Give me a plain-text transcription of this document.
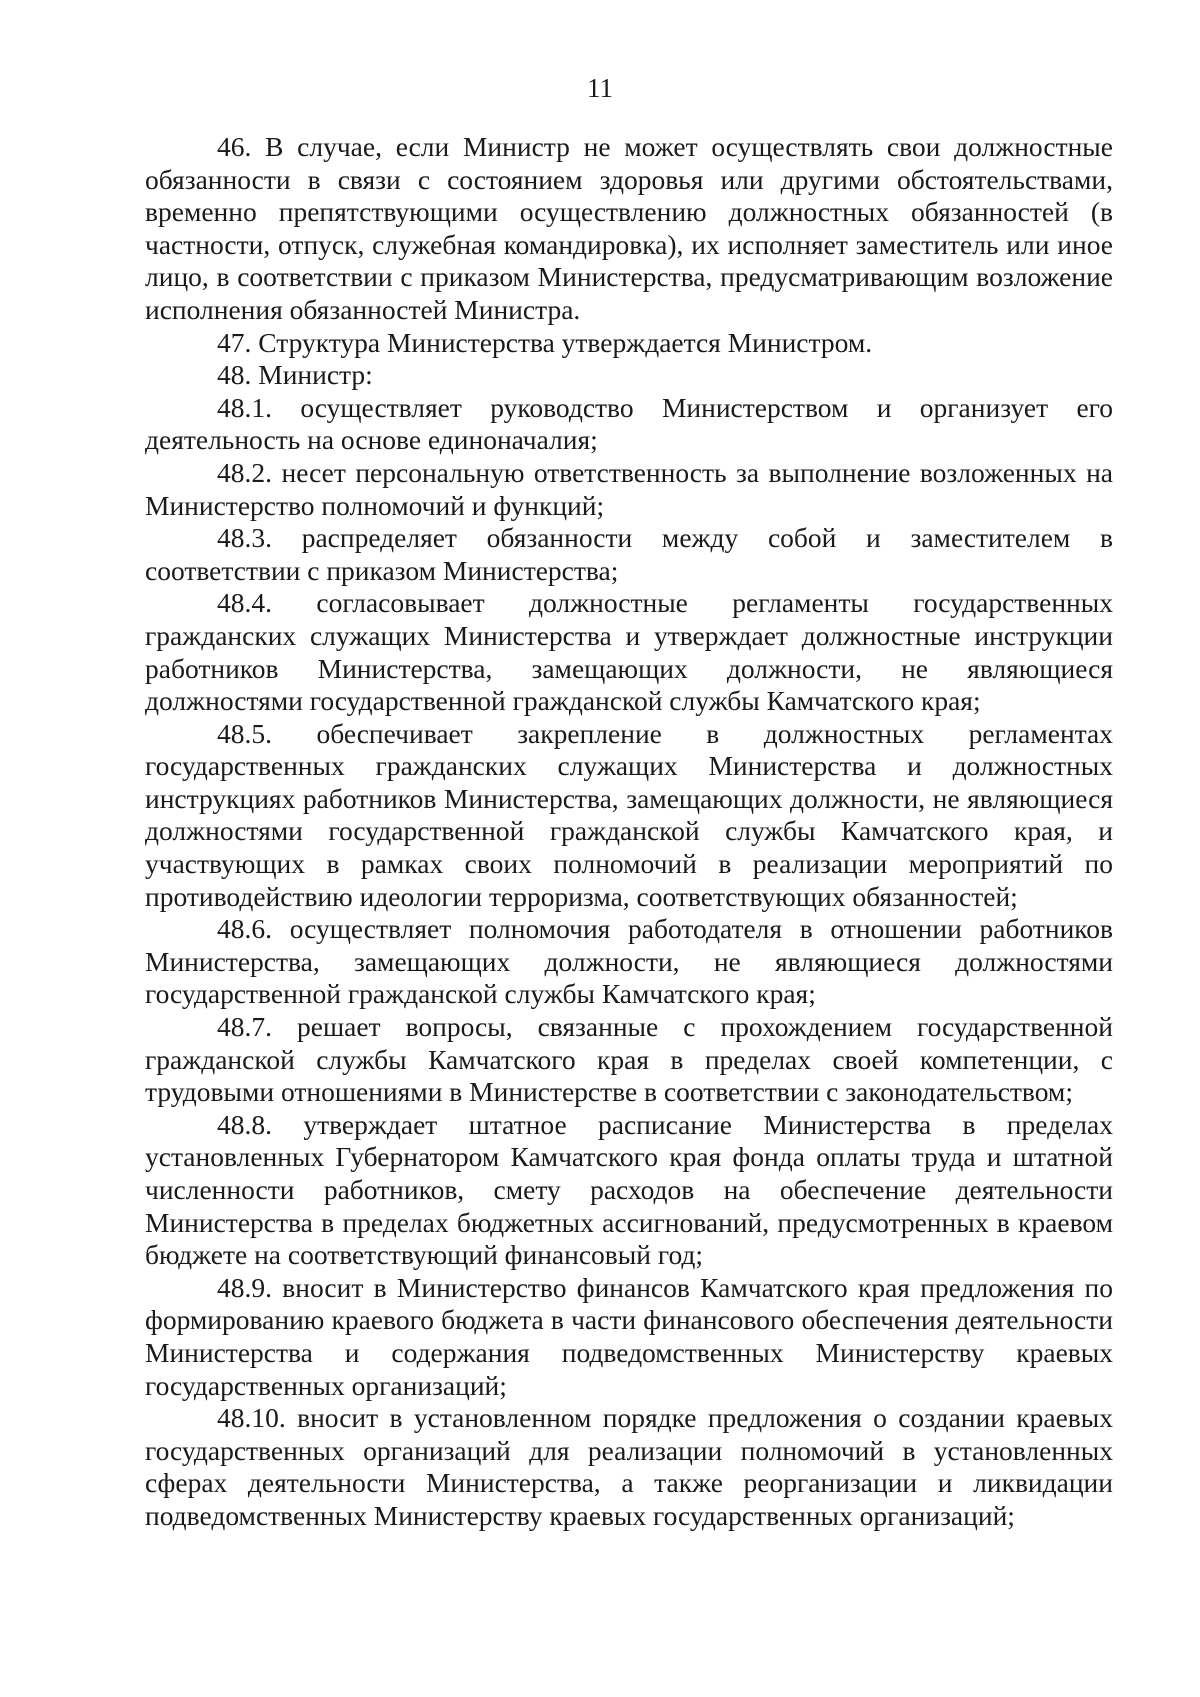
11

46. В случае, если Министр не может осуществлять свои должностные обязанности в связи с состоянием здоровья или другими обстоятельствами, временно препятствующими осуществлению должностных обязанностей (в частности, отпуск, служебная командировка), их исполняет заместитель или иное лицо, в соответствии с приказом Министерства, предусматривающим возложение исполнения обязанностей Министра.

47. Структура Министерства утверждается Министром.

48. Министр:

48.1. осуществляет руководство Министерством и организует его деятельность на основе единоначалия;

48.2. несет персональную ответственность за выполнение возложенных на Министерство полномочий и функций;

48.3. распределяет обязанности между собой и заместителем в соответствии с приказом Министерства;

48.4. согласовывает должностные регламенты государственных гражданских служащих Министерства и утверждает должностные инструкции работников Министерства, замещающих должности, не являющиеся должностями государственной гражданской службы Камчатского края;

48.5. обеспечивает закрепление в должностных регламентах государственных гражданских служащих Министерства и должностных инструкциях работников Министерства, замещающих должности, не являющиеся должностями государственной гражданской службы Камчатского края, и участвующих в рамках своих полномочий в реализации мероприятий по противодействию идеологии терроризма, соответствующих обязанностей;

48.6. осуществляет полномочия работодателя в отношении работников Министерства, замещающих должности, не являющиеся должностями государственной гражданской службы Камчатского края;

48.7. решает вопросы, связанные с прохождением государственной гражданской службы Камчатского края в пределах своей компетенции, с трудовыми отношениями в Министерстве в соответствии с законодательством;

48.8. утверждает штатное расписание Министерства в пределах установленных Губернатором Камчатского края фонда оплаты труда и штатной численности работников, смету расходов на обеспечение деятельности Министерства в пределах бюджетных ассигнований, предусмотренных в краевом бюджете на соответствующий финансовый год;

48.9. вносит в Министерство финансов Камчатского края предложения по формированию краевого бюджета в части финансового обеспечения деятельности Министерства и содержания подведомственных Министерству краевых государственных организаций;

48.10. вносит в установленном порядке предложения о создании краевых государственных организаций для реализации полномочий в установленных сферах деятельности Министерства, а также реорганизации и ликвидации подведомственных Министерству краевых государственных организаций;
